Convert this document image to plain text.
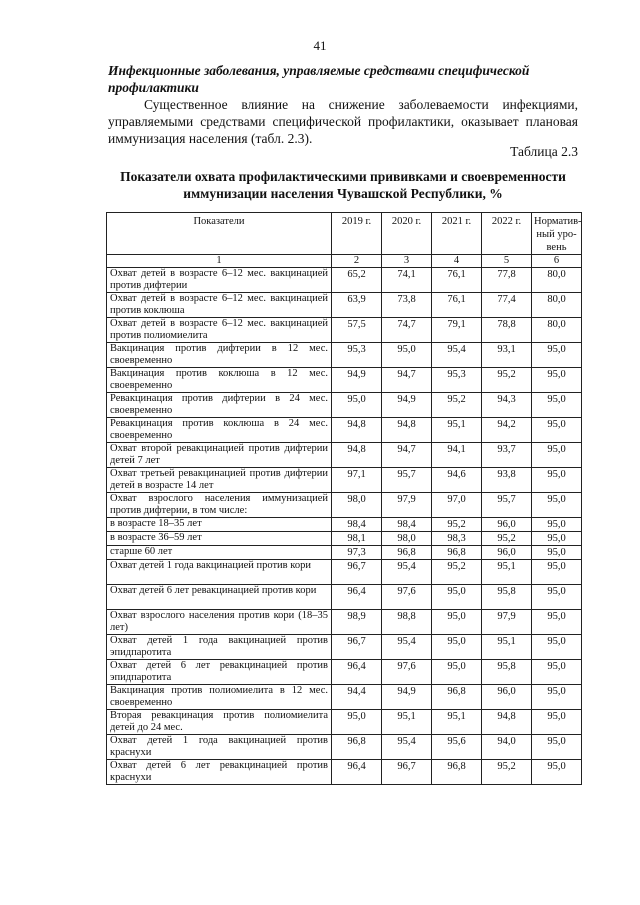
41

Инфекционные заболевания, управляемые средствами специфической профилактики

Существенное влияние на снижение заболеваемости инфекциями, управляемыми средствами специфической профилактики, оказывает плановая иммунизация населения (табл. 2.3).

Таблица 2.3

Показатели охвата профилактическими прививками и своевременности иммунизации населения Чувашской Республики, %

Показатели	2019 г.	2020 г.	2021 г.	2022 г.	Норматив-ный уро-вень
1	2	3	4	5	6
Охват детей в возрасте 6–12 мес. вакцинацией против дифтерии	65,2	74,1	76,1	77,8	80,0
Охват детей в возрасте 6–12 мес. вакцинацией против коклюша	63,9	73,8	76,1	77,4	80,0
Охват детей в возрасте 6–12 мес. вакцинацией против полиомиелита	57,5	74,7	79,1	78,8	80,0
Вакцинация против дифтерии в 12 мес. своевременно	95,3	95,0	95,4	93,1	95,0
Вакцинация против коклюша в 12 мес. своевременно	94,9	94,7	95,3	95,2	95,0
Ревакцинация против дифтерии в 24 мес. своевременно	95,0	94,9	95,2	94,3	95,0
Ревакцинация против коклюша в 24 мес. своевременно	94,8	94,8	95,1	94,2	95,0
Охват второй ревакцинацией против дифтерии детей 7 лет	94,8	94,7	94,1	93,7	95,0
Охват третьей ревакцинацией против дифтерии детей в возрасте 14 лет	97,1	95,7	94,6	93,8	95,0
Охват взрослого населения иммунизацией против дифтерии, в том числе:	98,0	97,9	97,0	95,7	95,0
в возрасте 18–35 лет	98,4	98,4	95,2	96,0	95,0
в возрасте 36–59 лет	98,1	98,0	98,3	95,2	95,0
старше 60 лет	97,3	96,8	96,8	96,0	95,0
Охват детей 1 года вакцинацией против кори	96,7	95,4	95,2	95,1	95,0
Охват детей 6 лет ревакцинацией против кори	96,4	97,6	95,0	95,8	95,0
Охват взрослого населения против кори (18–35 лет)	98,9	98,8	95,0	97,9	95,0
Охват детей 1 года вакцинацией против эпидпаротита	96,7	95,4	95,0	95,1	95,0
Охват детей 6 лет ревакцинацией против эпидпаротита	96,4	97,6	95,0	95,8	95,0
Вакцинация против полиомиелита в 12 мес. своевременно	94,4	94,9	96,8	96,0	95,0
Вторая ревакцинация против полиомиелита детей до 24 мес.	95,0	95,1	95,1	94,8	95,0
Охват детей 1 года вакцинацией против краснухи	96,8	95,4	95,6	94,0	95,0
Охват детей 6 лет ревакцинацией против краснухи	96,4	96,7	96,8	95,2	95,0
